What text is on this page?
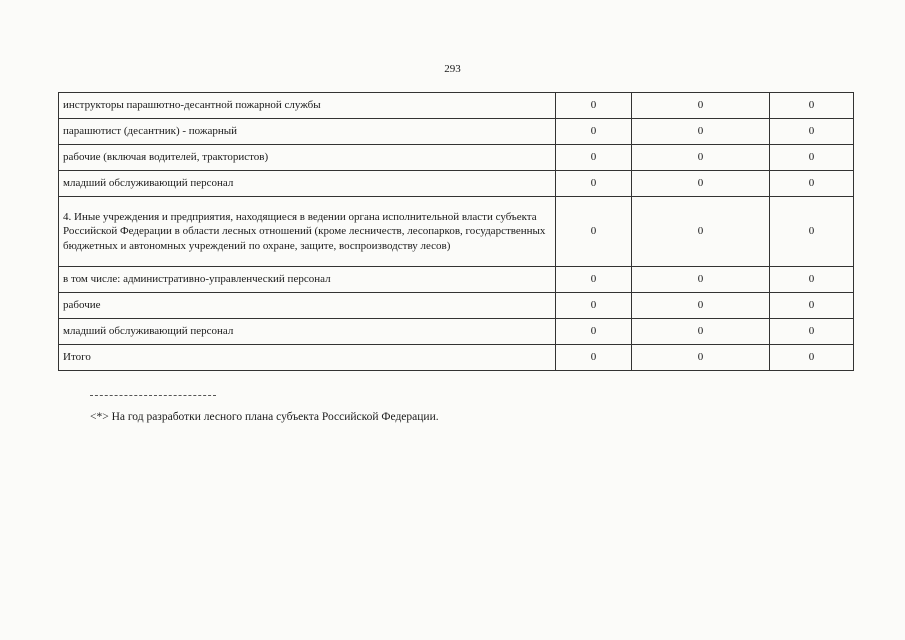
293
инструкторы парашютно-десантной пожарной службы	0	0	0
парашютист (десантник) - пожарный	0	0	0
рабочие (включая водителей, трактористов)	0	0	0
младший обслуживающий персонал	0	0	0
4. Иные учреждения и предприятия, находящиеся в ведении органа исполнительной власти субъекта Российской Федерации в области лесных отношений (кроме лесничеств, лесопарков, государственных бюджетных и автономных учреждений по охране, защите, воспроизводству лесов)	0	0	0
в том числе: административно-управленческий персонал	0	0	0
рабочие	0	0	0
младший обслуживающий персонал	0	0	0
Итого	0	0	0
<*> На год разработки лесного плана субъекта Российской Федерации.
